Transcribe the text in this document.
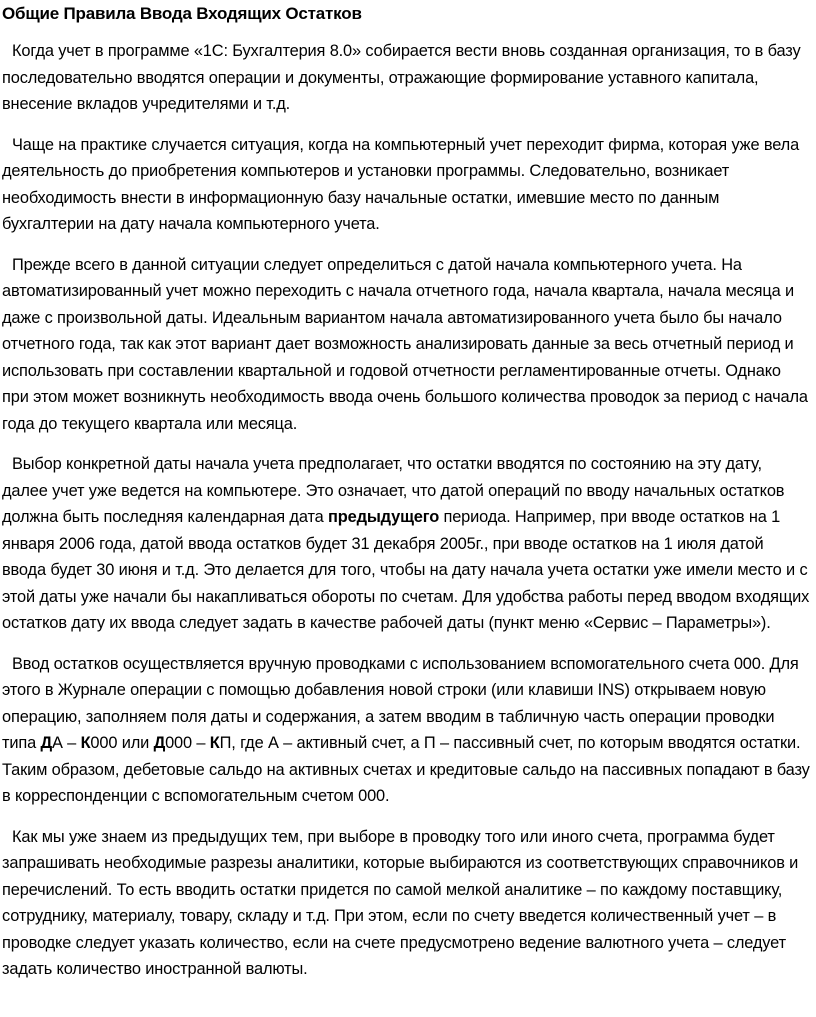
Общие Правила Ввода Входящих Остатков

Когда учет в программе «1С: Бухгалтерия 8.0» собирается вести вновь созданная организация, то в базу последовательно вводятся операции и документы, отражающие формирование уставного капитала, внесение вкладов учредителями и т.д.

Чаще на практике случается ситуация, когда на компьютерный учет переходит фирма, которая уже вела деятельность до приобретения компьютеров и установки программы. Следовательно, возникает необходимость внести в информационную базу начальные остатки, имевшие место по данным бухгалтерии на дату начала компьютерного учета.

Прежде всего в данной ситуации следует определиться с датой начала компьютерного учета. На автоматизированный учет можно переходить с начала отчетного года, начала квартала, начала месяца и даже с произвольной даты. Идеальным вариантом начала автоматизированного учета было бы начало отчетного года, так как этот вариант дает возможность анализировать данные за весь отчетный период и использовать при составлении квартальной и годовой отчетности регламентированные отчеты. Однако при этом может возникнуть необходимость ввода очень большого количества проводок за период с начала года до текущего квартала или месяца.

Выбор конкретной даты начала учета предполагает, что остатки вводятся по состоянию на эту дату, далее учет уже ведется на компьютере. Это означает, что датой операций по вводу начальных остатков должна быть последняя календарная дата предыдущего периода. Например, при вводе остатков на 1 января 2006 года, датой ввода остатков будет 31 декабря 2005г., при вводе остатков на 1 июля датой ввода будет 30 июня и т.д. Это делается для того, чтобы на дату начала учета остатки уже имели место и с этой даты уже начали бы накапливаться обороты по счетам. Для удобства работы перед вводом входящих остатков дату их ввода следует задать в качестве рабочей даты (пункт меню «Сервис – Параметры»).

Ввод остатков осуществляется вручную проводками с использованием вспомогательного счета 000. Для этого в Журнале операции с помощью добавления новой строки (или клавиши INS) открываем новую операцию, заполняем поля даты и содержания, а затем вводим в табличную часть операции проводки типа ДА – К000 или Д000 – КП, где А – активный счет, а П – пассивный счет, по которым вводятся остатки. Таким образом, дебетовые сальдо на активных счетах и кредитовые сальдо на пассивных попадают в базу в корреспонденции с вспомогательным счетом 000.

Как мы уже знаем из предыдущих тем, при выборе в проводку того или иного счета, программа будет запрашивать необходимые разрезы аналитики, которые выбираются из соответствующих справочников и перечислений. То есть вводить остатки придется по самой мелкой аналитике – по каждому поставщику, сотруднику, материалу, товару, складу и т.д. При этом, если по счету введется количественный учет – в проводке следует указать количество, если на счете предусмотрено ведение валютного учета – следует задать количество иностранной валюты.
